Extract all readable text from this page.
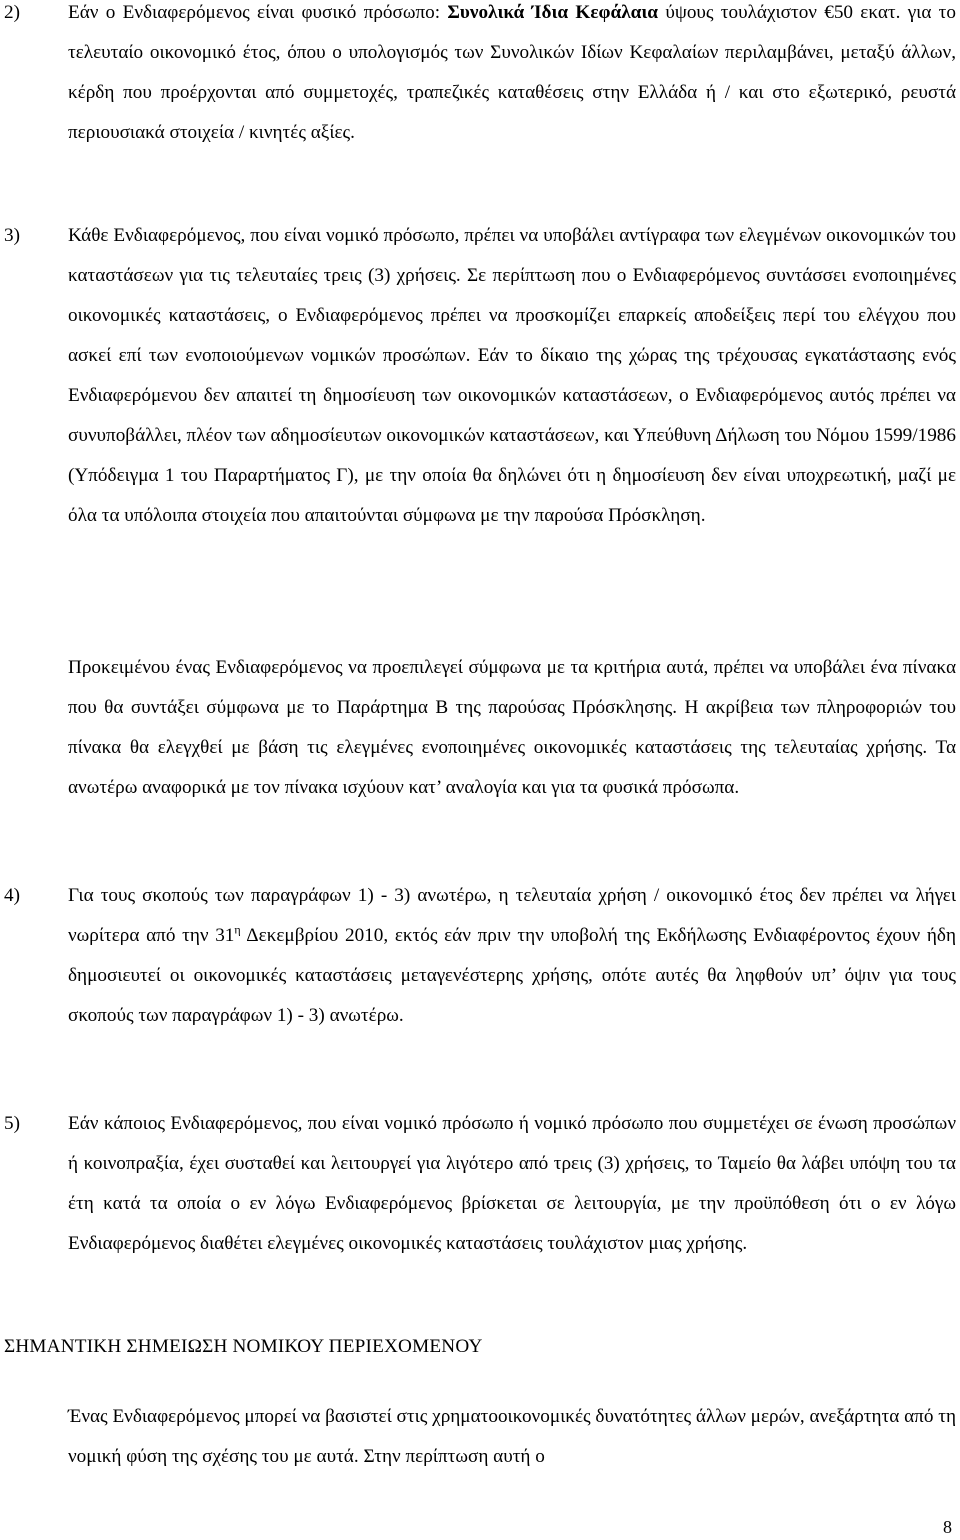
2)	Εάν ο Ενδιαφερόμενος είναι φυσικό πρόσωπο: Συνολικά Ίδια Κεφάλαια ύψους τουλάχιστον €50 εκατ. για το τελευταίο οικονομικό έτος, όπου ο υπολογισμός των Συνολικών Ιδίων Κεφαλαίων περιλαμβάνει, μεταξύ άλλων, κέρδη που προέρχονται από συμμετοχές, τραπεζικές καταθέσεις στην Ελλάδα ή / και στο εξωτερικό, ρευστά περιουσιακά στοιχεία / κινητές αξίες.

3)	Κάθε Ενδιαφερόμενος, που είναι νομικό πρόσωπο, πρέπει να υποβάλει αντίγραφα των ελεγμένων οικονομικών του καταστάσεων για τις τελευταίες τρεις (3) χρήσεις. Σε περίπτωση που ο Ενδιαφερόμενος συντάσσει ενοποιημένες οικονομικές καταστάσεις, ο Ενδιαφερόμενος πρέπει να προσκομίζει επαρκείς αποδείξεις περί του ελέγχου που ασκεί επί των ενοποιούμενων νομικών προσώπων. Εάν το δίκαιο της χώρας της τρέχουσας εγκατάστασης ενός Ενδιαφερόμενου δεν απαιτεί τη δημοσίευση των οικονομικών καταστάσεων, ο Ενδιαφερόμενος αυτός πρέπει να συνυποβάλλει, πλέον των αδημοσίευτων οικονομικών καταστάσεων, και Υπεύθυνη Δήλωση του Νόμου 1599/1986 (Υπόδειγμα 1 του Παραρτήματος Γ), με την οποία θα δηλώνει ότι η δημοσίευση δεν είναι υποχρεωτική, μαζί με όλα τα υπόλοιπα στοιχεία που απαιτούνται σύμφωνα με την παρούσα Πρόσκληση.

Προκειμένου ένας Ενδιαφερόμενος να προεπιλεγεί σύμφωνα με τα κριτήρια αυτά, πρέπει να υποβάλει ένα πίνακα που θα συντάξει σύμφωνα με το Παράρτημα Β της παρούσας Πρόσκλησης. Η ακρίβεια των πληροφοριών του πίνακα θα ελεγχθεί με βάση τις ελεγμένες ενοποιημένες οικονομικές καταστάσεις της τελευταίας χρήσης. Τα ανωτέρω αναφορικά με τον πίνακα ισχύουν κατ’ αναλογία και για τα φυσικά πρόσωπα.

4)	Για τους σκοπούς των παραγράφων 1) - 3) ανωτέρω, η τελευταία χρήση / οικονομικό έτος δεν πρέπει να λήγει νωρίτερα από την $31^\eta$ Δεκεμβρίου 2010, εκτός εάν πριν την υποβολή της Εκδήλωσης Ενδιαφέροντος έχουν ήδη δημοσιευτεί οι οικονομικές καταστάσεις μεταγενέστερης χρήσης, οπότε αυτές θα ληφθούν υπ’ όψιν για τους σκοπούς των παραγράφων 1) - 3) ανωτέρω.

5)	Εάν κάποιος Ενδιαφερόμενος, που είναι νομικό πρόσωπο ή νομικό πρόσωπο που συμμετέχει σε ένωση προσώπων ή κοινοπραξία, έχει συσταθεί και λειτουργεί για λιγότερο από τρεις (3) χρήσεις, το Ταμείο θα λάβει υπόψη του τα έτη κατά τα οποία ο εν λόγω Ενδιαφερόμενος βρίσκεται σε λειτουργία, με την προϋπόθεση ότι ο εν λόγω Ενδιαφερόμενος διαθέτει ελεγμένες οικονομικές καταστάσεις τουλάχιστον μιας χρήσης.

ΣΗΜΑΝΤΙΚΗ ΣΗΜΕΙΩΣΗ ΝΟΜΙΚΟΥ ΠΕΡΙΕΧΟΜΕΝΟΥ

Ένας Ενδιαφερόμενος μπορεί να βασιστεί στις χρηματοοικονομικές δυνατότητες άλλων μερών, ανεξάρτητα από τη νομική φύση της σχέσης του με αυτά. Στην περίπτωση αυτή ο

8
